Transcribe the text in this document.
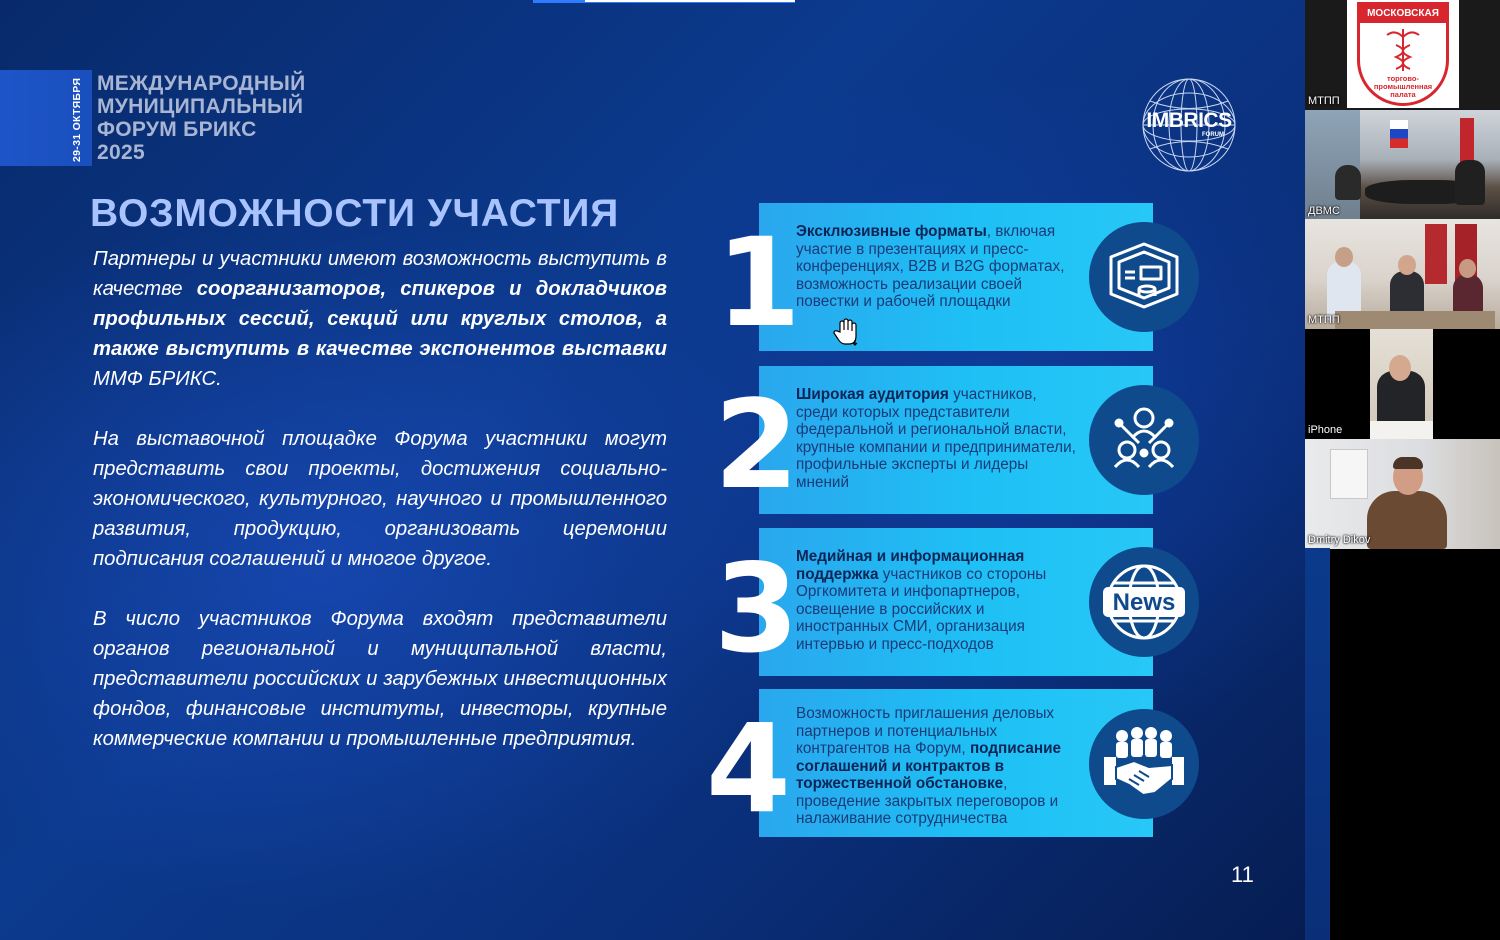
29-31 ОКТЯБРЯ МЕЖДУНАРОДНЫЙ
МУНИЦИПАЛЬНЫЙ
ФОРУМ БРИКС
2025
IMBRICS
FORUM
ВОЗМОЖНОСТИ УЧАСТИЯ

Партнеры и участники имеют возможность выступить в качестве соорганизаторов, спикеров и докладчиков профильных сессий, секций или круглых столов, а также выступить в качестве экспонентов выставки ММФ БРИКС.

На выставочной площадке Форума участники могут представить свои проекты, достижения социально-экономического, культурного, научного и промышленного развития, продукцию, организовать церемонии подписания соглашений и многое другое.

В число участников Форума входят представители органов региональной и муниципальной власти, представители российских и зарубежных инвестиционных фондов, финансовые институты, инвесторы, крупные коммерческие компании и промышленные предприятия.

Эксклюзивные форматы, включая участие в презентациях и пресс-конференциях, B2B и B2G форматах, возможность реализации своей повестки и рабочей площадки
1
Широкая аудитория участников, среди которых представители федеральной и региональной власти, крупные компании и предприниматели, профильные эксперты и лидеры мнений
2
Медийная и информационная поддержка участников со стороны Оргкомитета и инфопартнеров, освещение в российских и иностранных СМИ, организация интервью и пресс-подходов
3	News
Возможность приглашения деловых партнеров и потенциальных контрагентов на Форум, подписание соглашений и контрактов в торжественной обстановке, проведение закрытых переговоров и налаживание сотрудничества
4
11
МОСКОВСКАЯ
торгово-
промышленная
палата
МТПП
ДВМС
МТПП
iPhone
Dmitry Dikov
